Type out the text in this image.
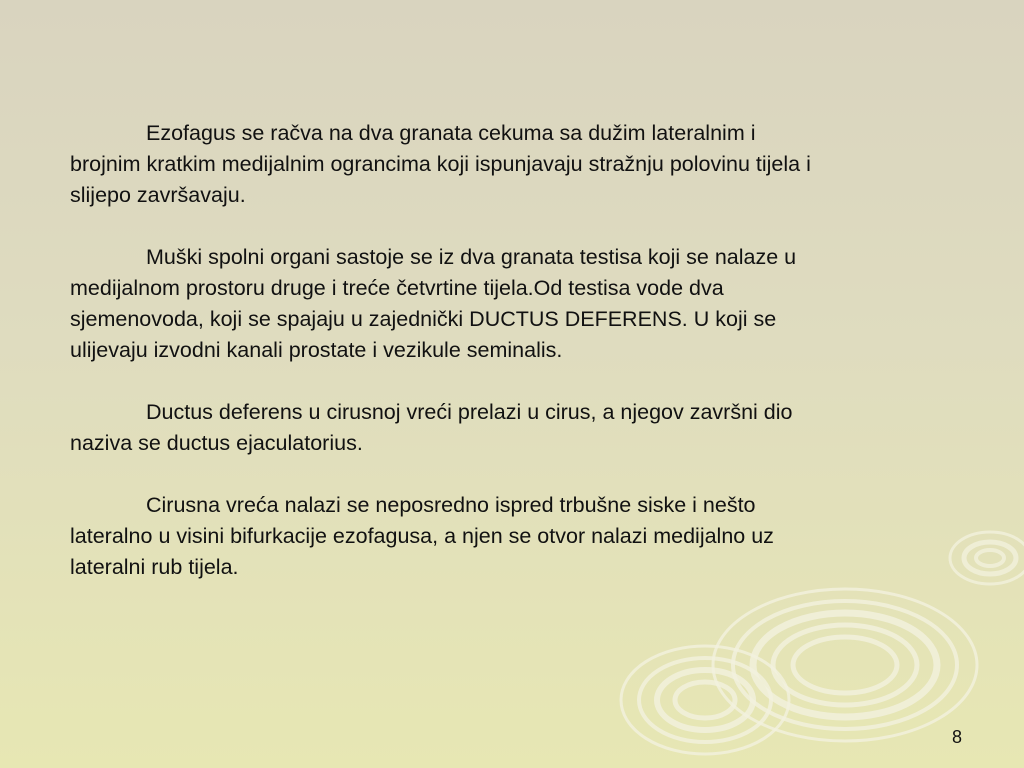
Ezofagus se račva na dva granata cekuma sa dužim lateralnim i
brojnim kratkim medijalnim ograncima koji ispunjavaju stražnju polovinu tijela i
slijepo završavaju.

Muški spolni organi sastoje se iz dva granata testisa koji se nalaze u
medijalnom prostoru druge i treće četvrtine tijela.Od testisa vode dva
sjemenovoda, koji se spajaju u zajednički DUCTUS DEFERENS. U koji se
ulijevaju izvodni kanali prostate i vezikule seminalis.

Ductus deferens u cirusnoj vreći prelazi u cirus, a njegov završni dio
naziva se ductus ejaculatorius.

Cirusna vreća nalazi se neposredno ispred trbušne siske i nešto
lateralno u visini bifurkacije ezofagusa, a njen se otvor nalazi medijalno uz
lateralni rub tijela.

8
